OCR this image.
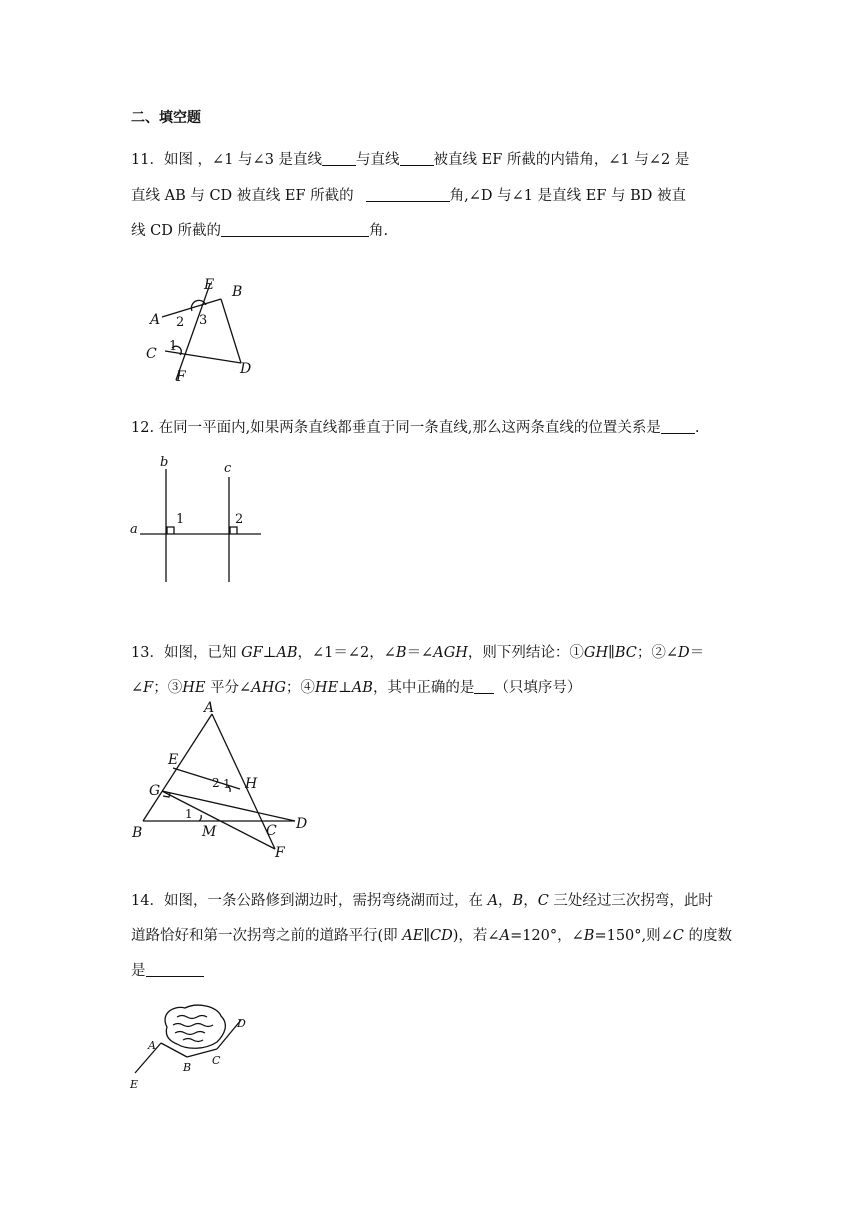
二、填空题
11．如图 ，∠1 与∠3 是直线 与直线 被直线 EF 所截的内错角，∠1 与∠2 是
直线 AB 与 CD 被直线 EF 所截的	角,∠D 与∠1 是直线 EF 与 BD 被直
线 CD 所截的	角.
E B
A
C
F	D
2 3
1
12. 在同一平面内,如果两条直线都垂直于同一条直线,那么这两条直线的位置关系是 .
b	c
a
1	2
13．如图，已知 GF⊥AB，∠1＝∠2，∠B＝∠AGH，则下列结论：①GH∥BC；②∠D＝
∠F；③HE 平分∠AHG；④HE⊥AB，其中正确的是 （只填序号）
A
E
G	H
B	M	C D
F
2 1
1
14．如图，一条公路修到湖边时，需拐弯绕湖而过，在 A，B，C 三处经过三次拐弯，此时
道路恰好和第一次拐弯之前的道路平行(即 AE∥CD)，若∠A=120°，∠B=150°,则∠C 的度数
是
D
A
C
B
E
